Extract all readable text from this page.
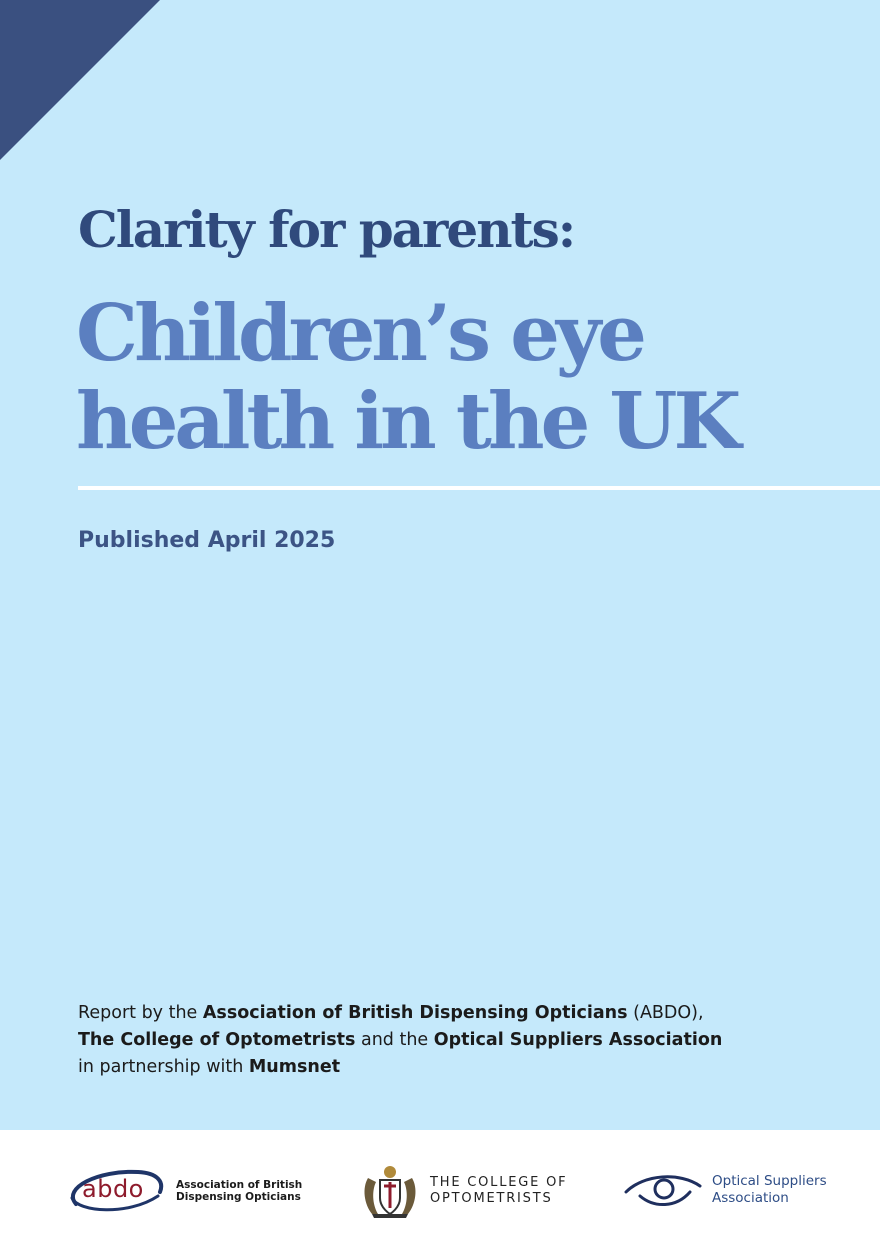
Clarity for parents:
Children’s eye health in the UK

Published April 2025

Report by the Association of British Dispensing Opticians (ABDO),
The College of Optometrists and the Optical Suppliers Association
in partnership with Mumsnet
abdo	Association of British Dispensing Opticians
THE COLLEGE OF OPTOMETRISTS
Optical Suppliers Association
